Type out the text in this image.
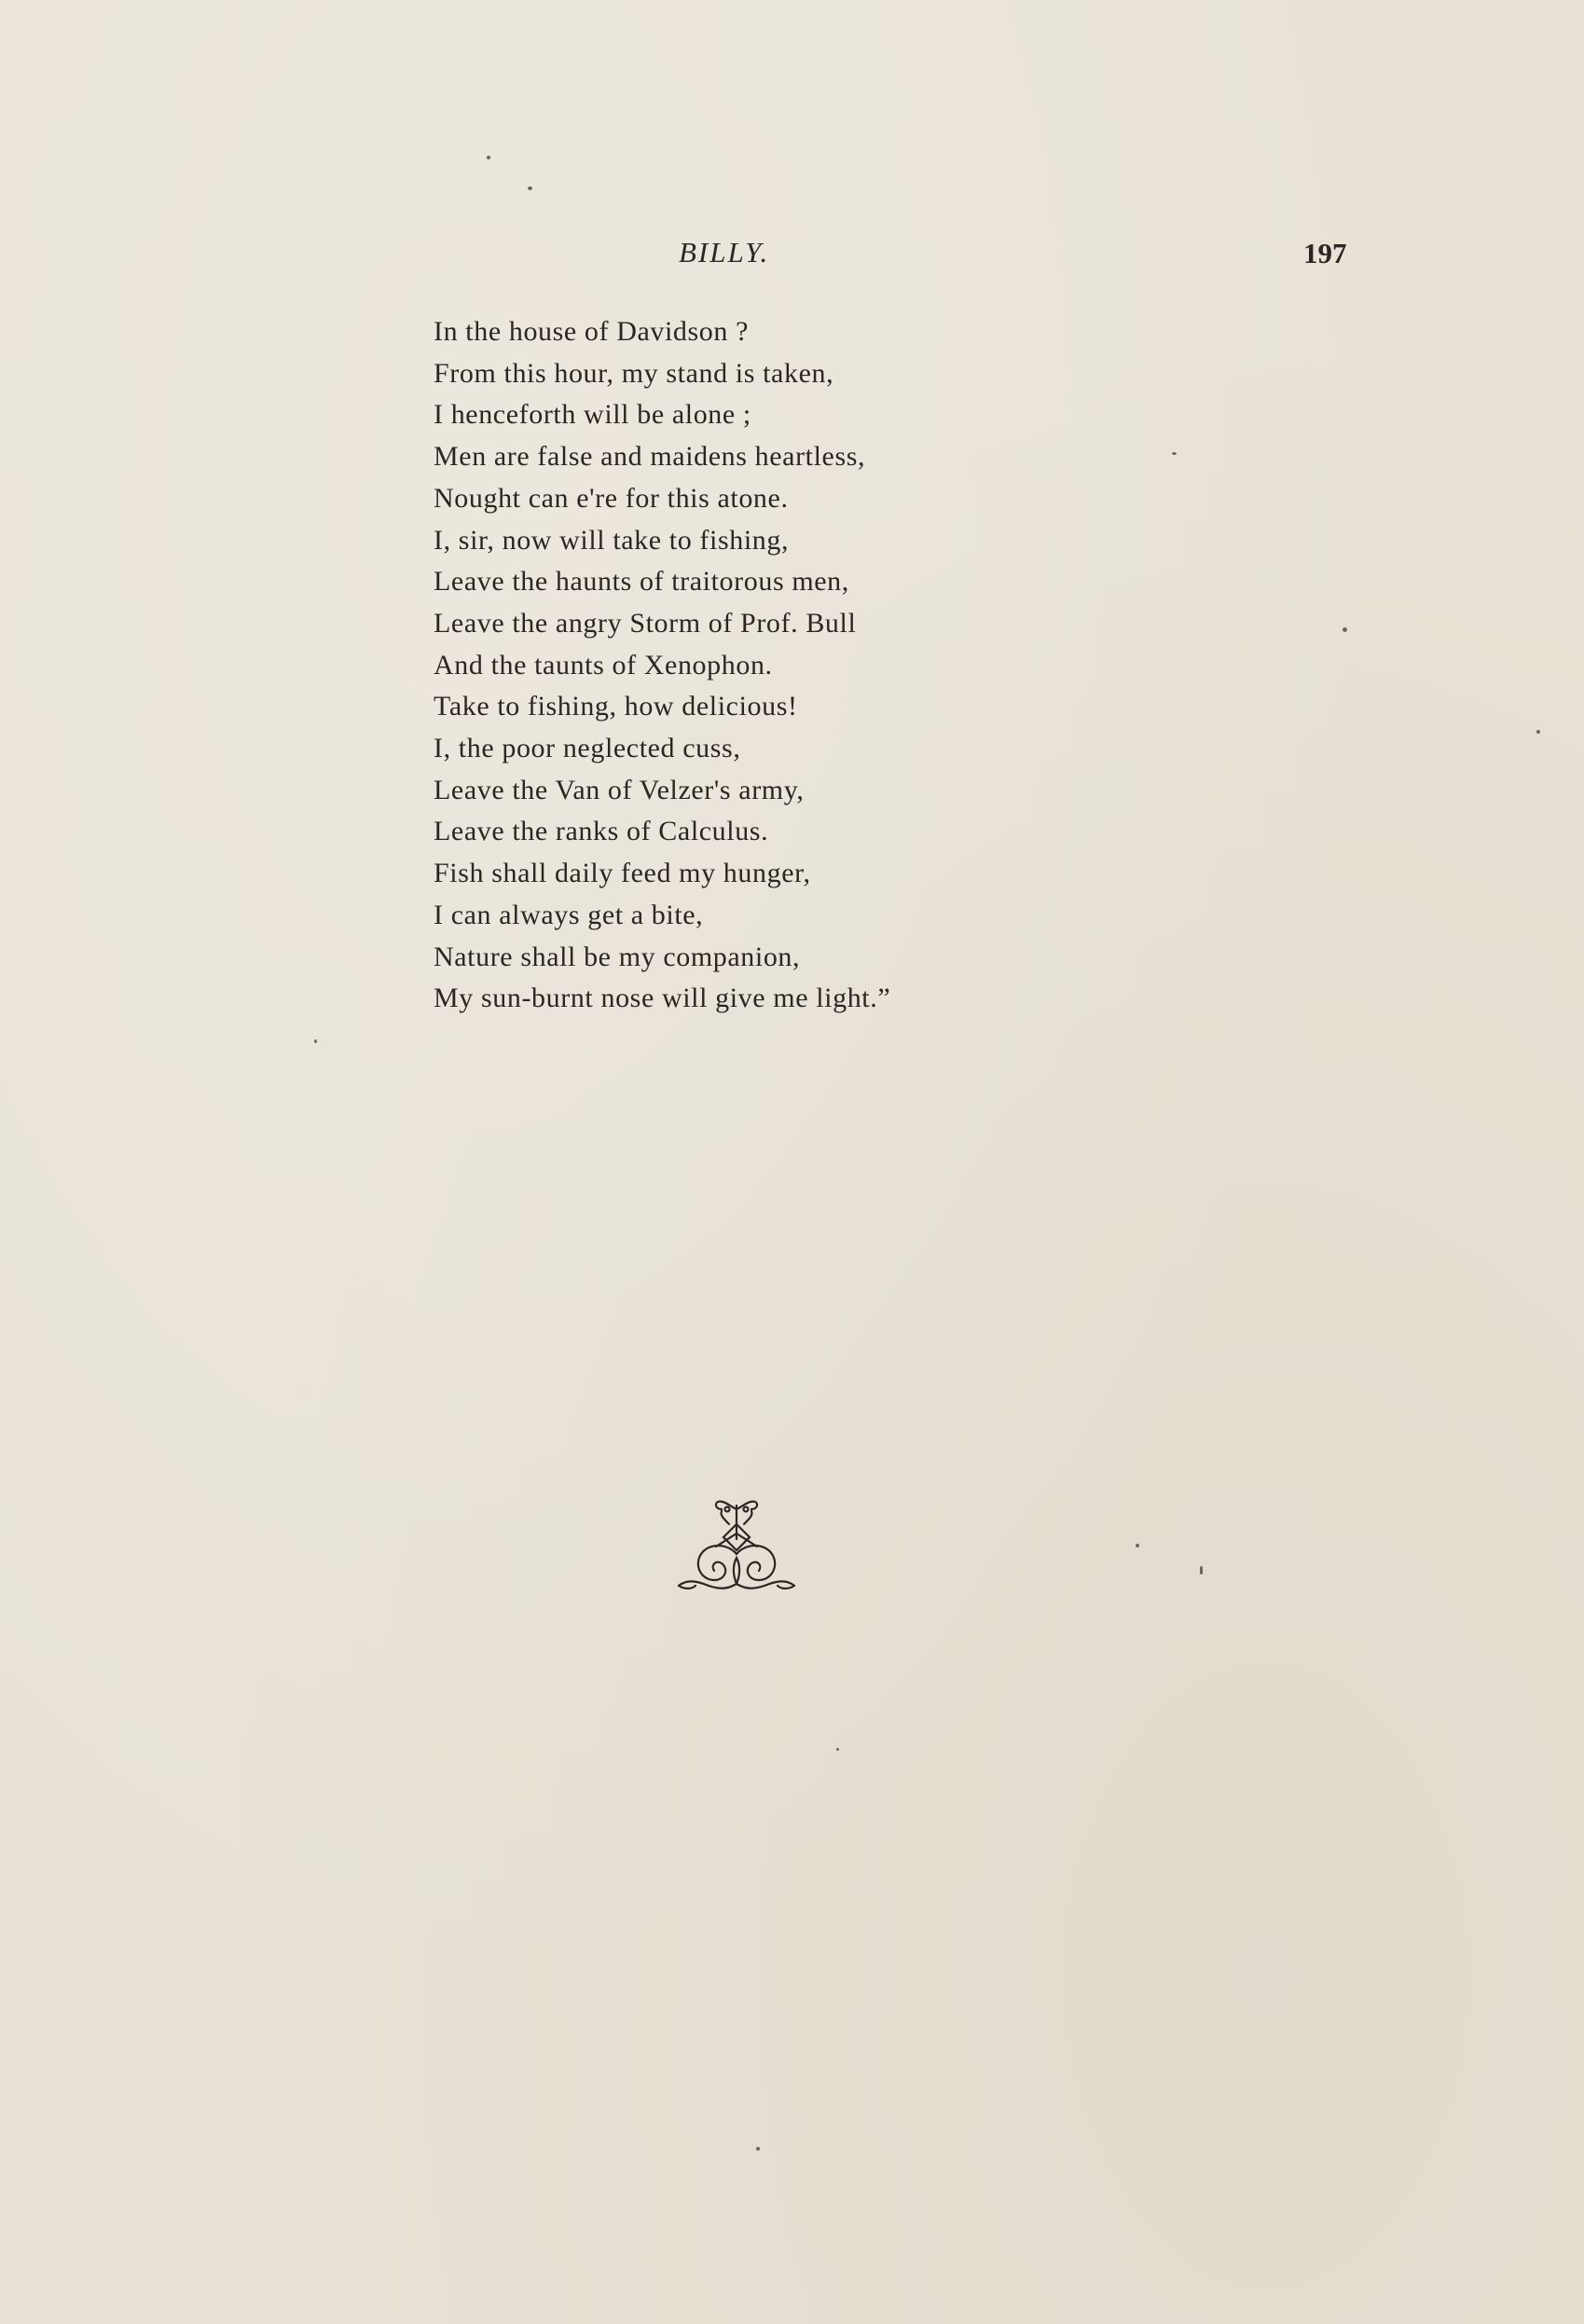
BILLY.	197
In the house of Davidson ?
From this hour, my stand is taken,
I henceforth will be alone ;
Men are false and maidens heartless,
Nought can e're for this atone.
I, sir, now will take to fishing,
Leave the haunts of traitorous men,
Leave the angry Storm of Prof. Bull
And the taunts of Xenophon.
Take to fishing, how delicious!
I, the poor neglected cuss,
Leave the Van of Velzer's army,
Leave the ranks of Calculus.
Fish shall daily feed my hunger,
I can always get a bite,
Nature shall be my companion,
My sun-burnt nose will give me light.”
